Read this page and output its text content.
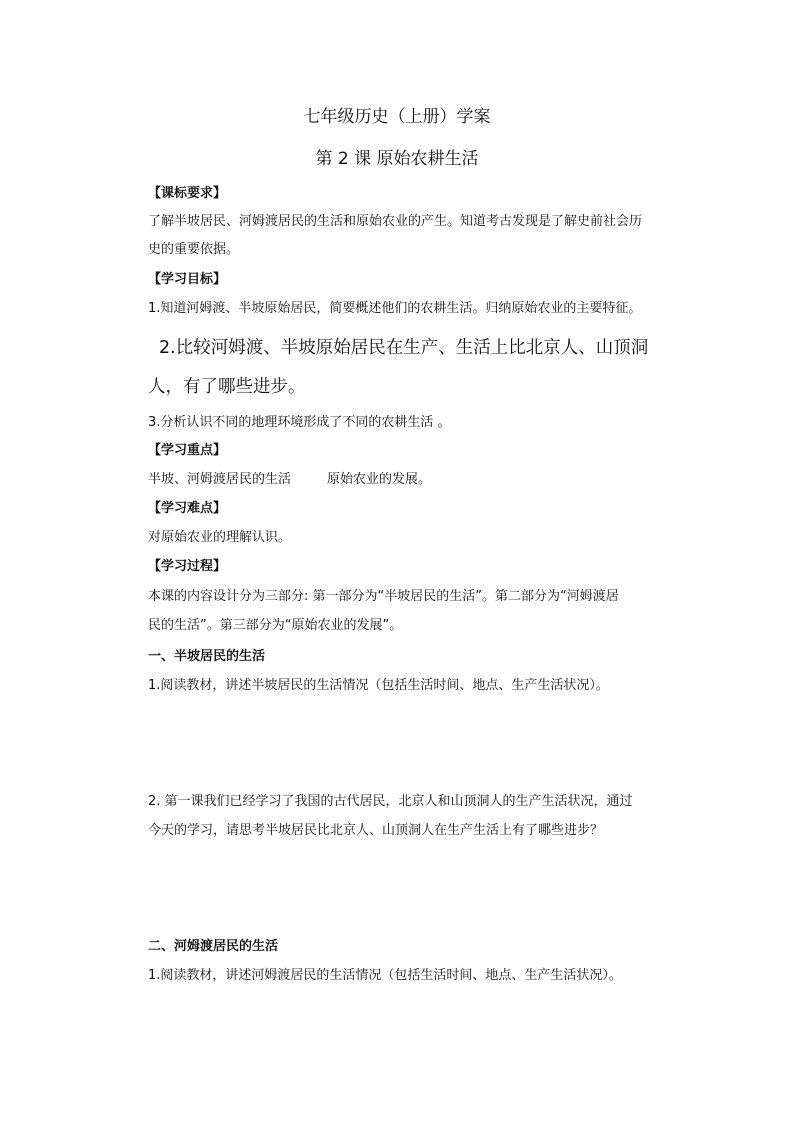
七年级历史（上册）学案
第 2 课 原始农耕生活
【课标要求】
了解半坡居民、河姆渡居民的生活和原始农业的产生。知道考古发现是了解史前社会历
史的重要依据。
【学习目标】
1.知道河姆渡、半坡原始居民，简要概述他们的农耕生活。归纳原始农业的主要特征。
2.比较河姆渡、半坡原始居民在生产、生活上比北京人、山顶洞
人，有了哪些进步。
3.分析认识不同的地理环境形成了不同的农耕生活 。
【学习重点】
半坡、河姆渡居民的生活	原始农业的发展。
【学习难点】
对原始农业的理解认识。
【学习过程】
本课的内容设计分为三部分: 第一部分为“半坡居民的生活”。第二部分为“河姆渡居
民的生活”。第三部分为“原始农业的发展”。
一、半坡居民的生活
1.阅读教材，讲述半坡居民的生活情况（包括生活时间、地点、生产生活状况）。
2. 第一课我们已经学习了我国的古代居民，北京人和山顶洞人的生产生活状况，通过
今天的学习，请思考半坡居民比北京人、山顶洞人在生产生活上有了哪些进步？
二、河姆渡居民的生活
1.阅读教材，讲述河姆渡居民的生活情况（包括生活时间、地点、生产生活状况）。
